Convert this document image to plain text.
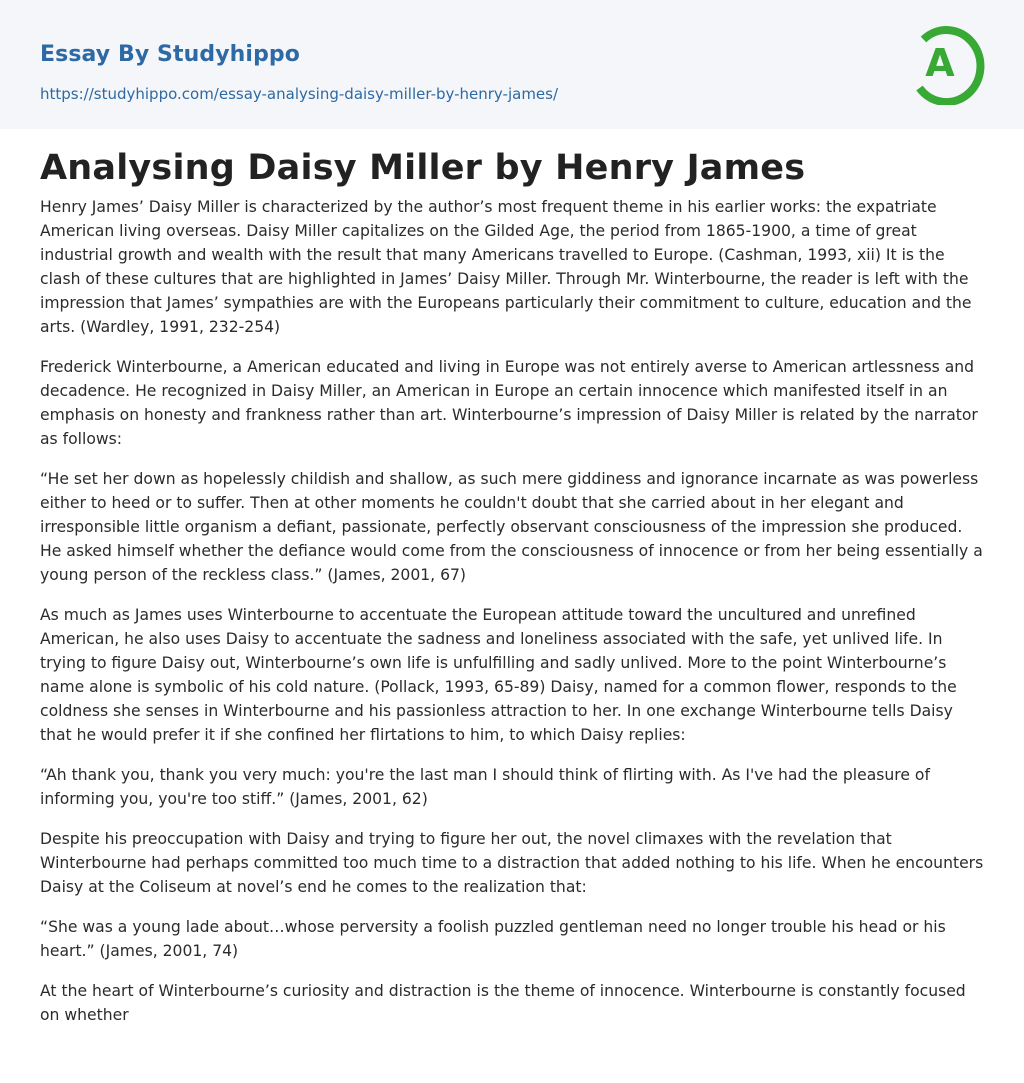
Essay By Studyhippo
https://studyhippo.com/essay-analysing-daisy-miller-by-henry-james/
A
Analysing Daisy Miller by Henry James

Henry James’ Daisy Miller is characterized by the author’s most frequent theme in his earlier works: the expatriate American living overseas. Daisy Miller capitalizes on the Gilded Age, the period from 1865-1900, a time of great industrial growth and wealth with the result that many Americans travelled to Europe. (Cashman, 1993, xii) It is the clash of these cultures that are highlighted in James’ Daisy Miller. Through Mr. Winterbourne, the reader is left with the impression that James’ sympathies are with the Europeans particularly their commitment to culture, education and the arts. (Wardley, 1991, 232-254)

Frederick Winterbourne, a American educated and living in Europe was not entirely averse to American artlessness and decadence. He recognized in Daisy Miller, an American in Europe an certain innocence which manifested itself in an emphasis on honesty and frankness rather than art. Winterbourne’s impression of Daisy Miller is related by the narrator as follows:

“He set her down as hopelessly childish and shallow, as such mere giddiness and ignorance incarnate as was powerless either to heed or to suffer. Then at other moments he couldn't doubt that she carried about in her elegant and irresponsible little organism a defiant, passionate, perfectly observant consciousness of the impression she produced. He asked himself whether the defiance would come from the consciousness of innocence or from her being essentially a young person of the reckless class.” (James, 2001, 67)

As much as James uses Winterbourne to accentuate the European attitude toward the uncultured and unrefined American, he also uses Daisy to accentuate the sadness and loneliness associated with the safe, yet unlived life. In trying to figure Daisy out, Winterbourne’s own life is unfulfilling and sadly unlived. More to the point Winterbourne’s name alone is symbolic of his cold nature. (Pollack, 1993, 65-89) Daisy, named for a common flower, responds to the coldness she senses in Winterbourne and his passionless attraction to her. In one exchange Winterbourne tells Daisy that he would prefer it if she confined her flirtations to him, to which Daisy replies:

“Ah thank you, thank you very much: you're the last man I should think of flirting with. As I've had the pleasure of informing you, you're too stiff.” (James, 2001, 62)

Despite his preoccupation with Daisy and trying to figure her out, the novel climaxes with the revelation that Winterbourne had perhaps committed too much time to a distraction that added nothing to his life. When he encounters Daisy at the Coliseum at novel’s end he comes to the realization that:

“She was a young lade about…whose perversity a foolish puzzled gentleman need no longer trouble his head or his heart.” (James, 2001, 74)

At the heart of Winterbourne’s curiosity and distraction is the theme of innocence. Winterbourne is constantly focused on whether
